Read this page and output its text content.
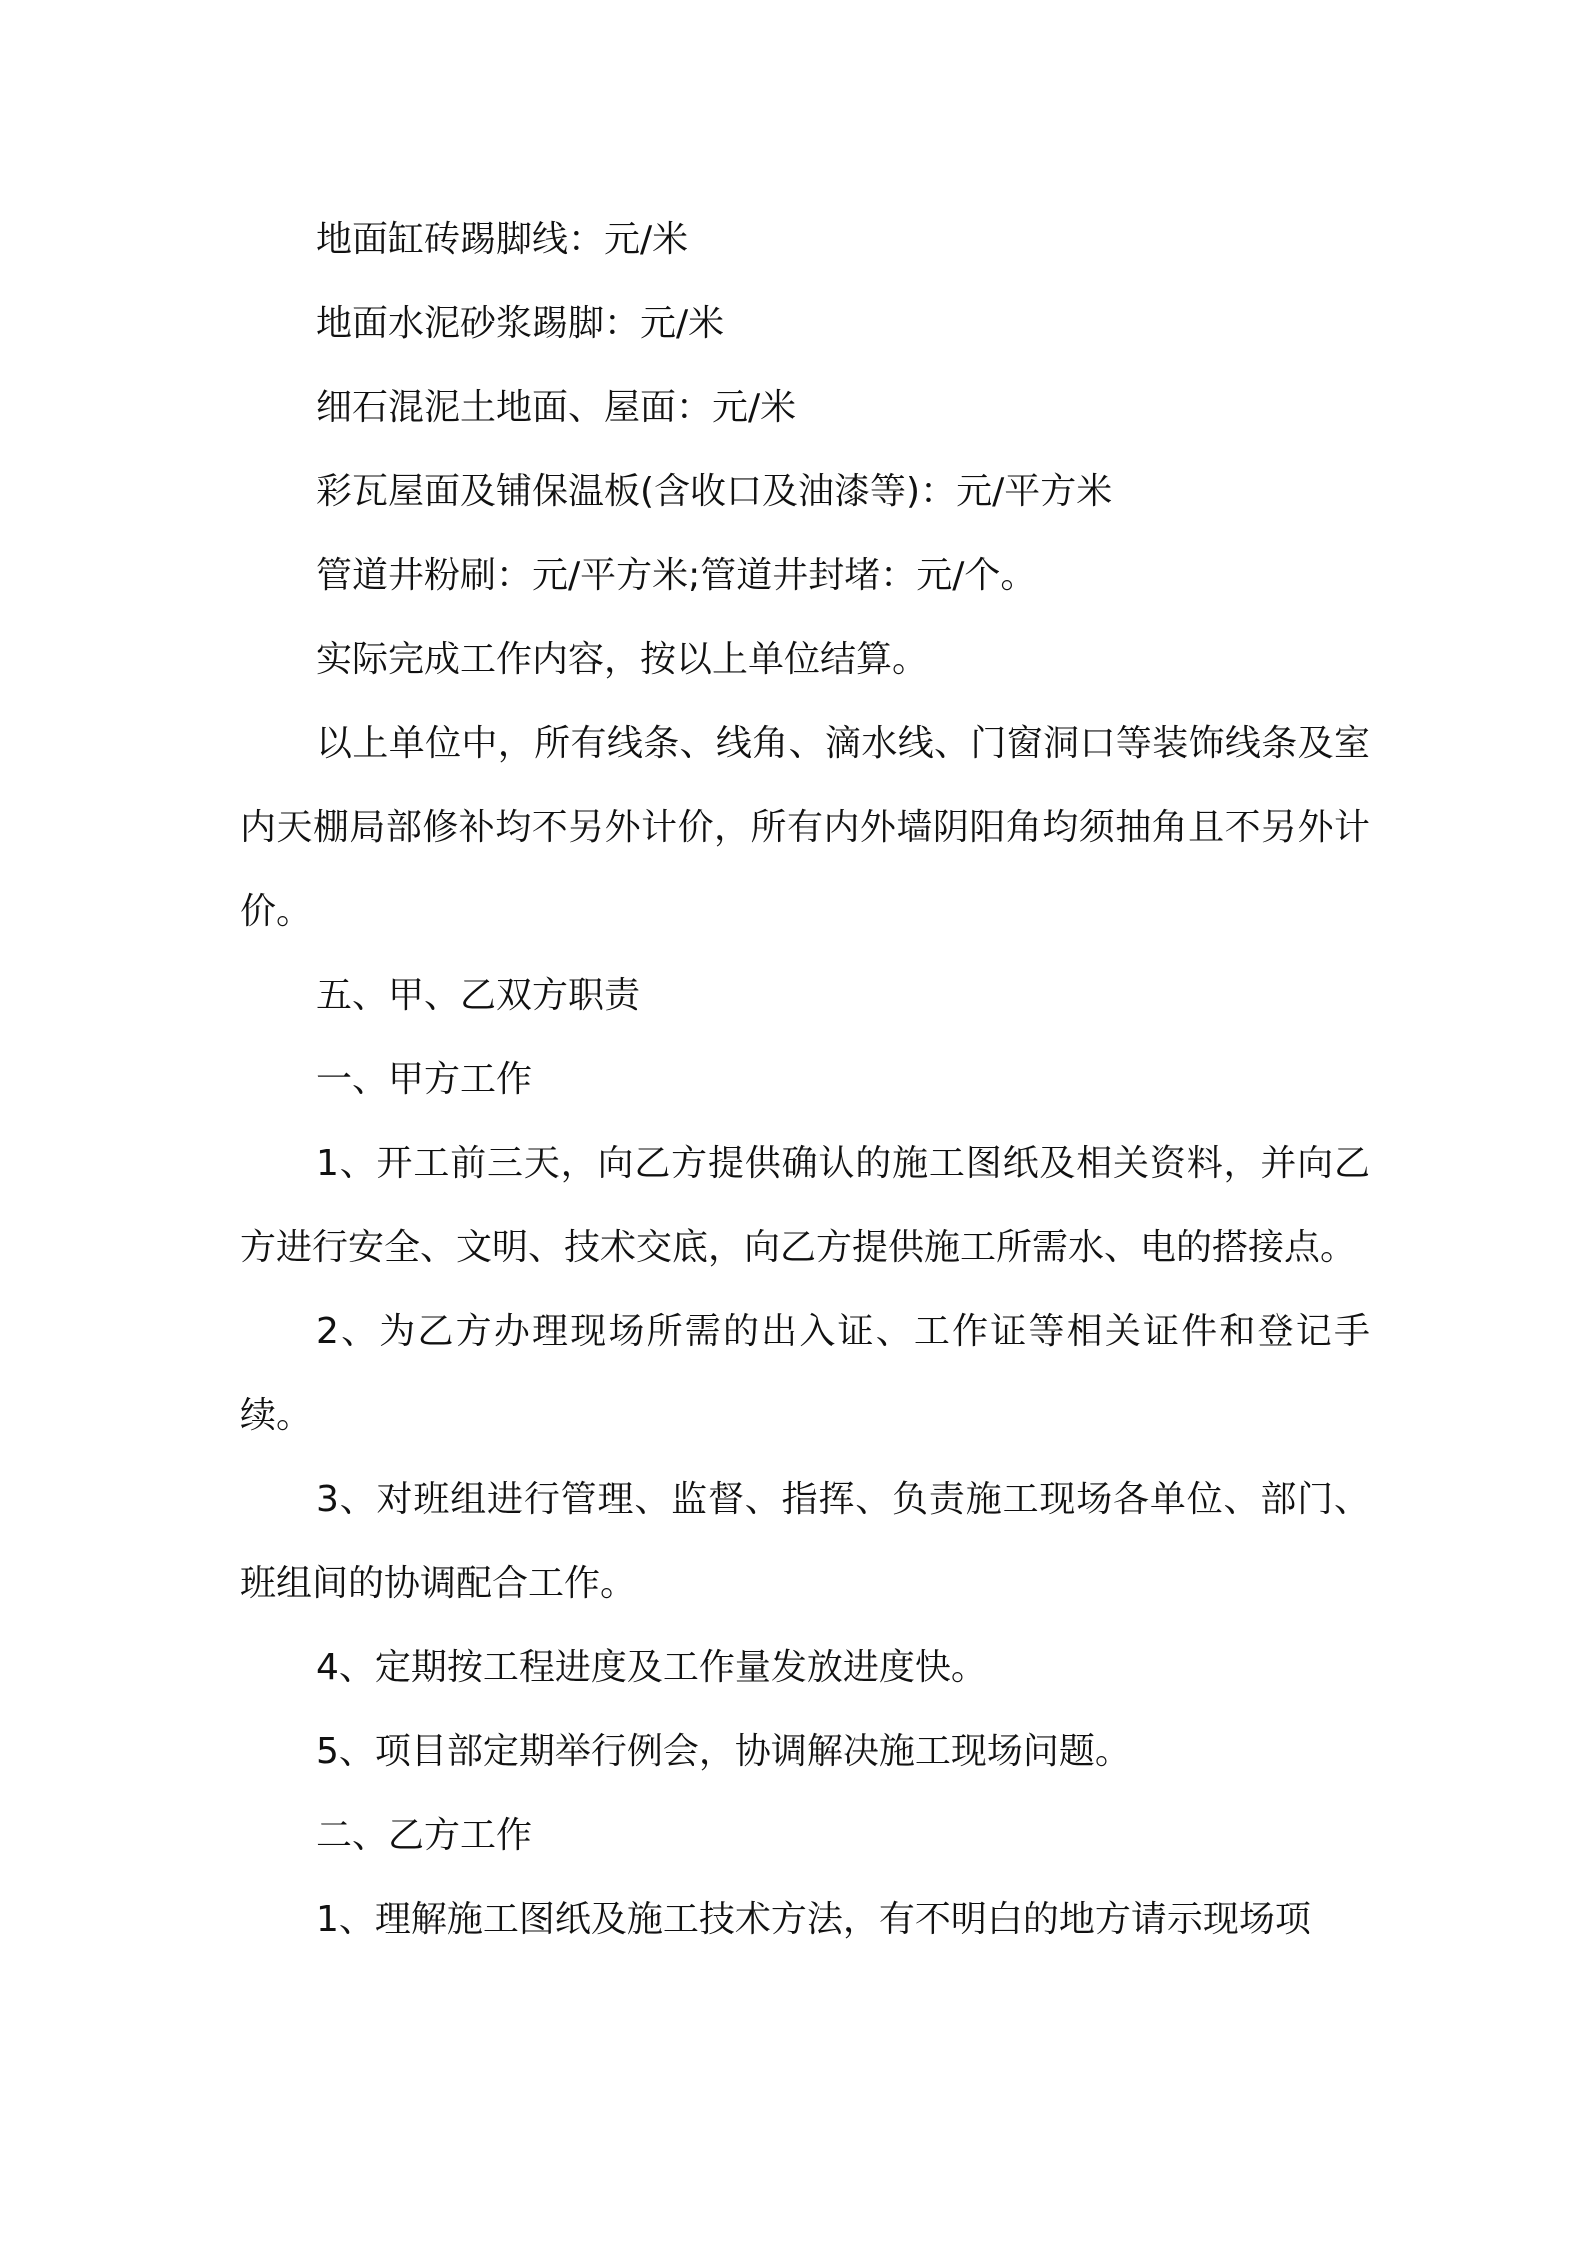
地面缸砖踢脚线：元/米

地面水泥砂浆踢脚：元/米

细石混泥土地面、屋面：元/米

彩瓦屋面及铺保温板(含收口及油漆等)：元/平方米

管道井粉刷：元/平方米;管道井封堵：元/个。

实际完成工作内容，按以上单位结算。

以上单位中，所有线条、线角、滴水线、门窗洞口等装饰线条及室内天棚局部修补均不另外计价，所有内外墙阴阳角均须抽角且不另外计价。

五、甲、乙双方职责

一、甲方工作

1、开工前三天，向乙方提供确认的施工图纸及相关资料，并向乙方进行安全、文明、技术交底，向乙方提供施工所需水、电的搭接点。

2、为乙方办理现场所需的出入证、工作证等相关证件和登记手续。

3、对班组进行管理、监督、指挥、负责施工现场各单位、部门、班组间的协调配合工作。

4、定期按工程进度及工作量发放进度快。

5、项目部定期举行例会，协调解决施工现场问题。

二、乙方工作

1、理解施工图纸及施工技术方法，有不明白的地方请示现场项
